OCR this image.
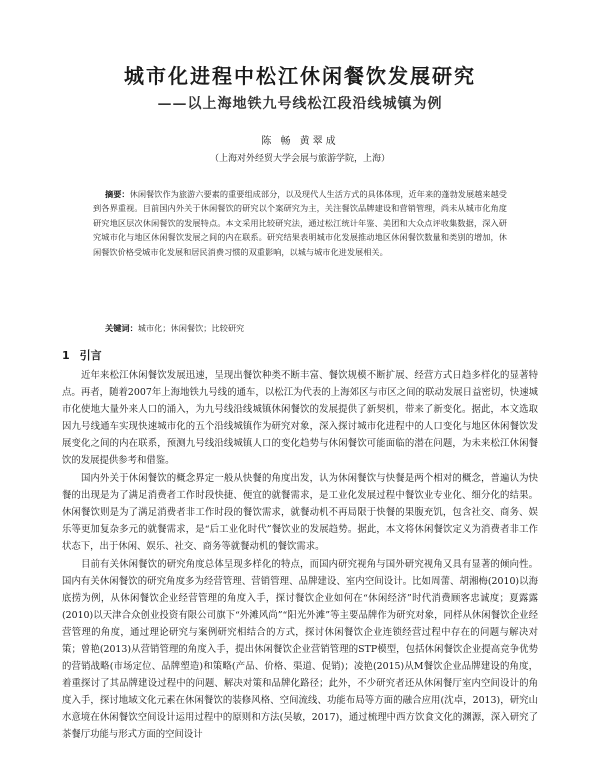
城市化进程中松江休闲餐饮发展研究
——以上海地铁九号线松江段沿线城镇为例
陈 畅 黄翠成
（上海对外经贸大学会展与旅游学院，上海）

摘要：休闲餐饮作为旅游六要素的重要组成部分，以及现代人生活方式的具体体现，近年来的蓬勃发展越来越受到各界重视。目前国内外关于休闲餐饮的研究以个案研究为主，关注餐饮品牌建设和营销管理，尚未从城市化角度研究地区层次休闲餐饮的发展特点。本文采用比较研究法，通过松江统计年鉴、美团和大众点评收集数据，深入研究城市化与地区休闲餐饮发展之间的内在联系。研究结果表明城市化发展推动地区休闲餐饮数量和类别的增加，休闲餐饮价格受城市化发展和居民消费习惯的双重影响，以城与城市化进发展相关。

关键词：城市化；休闲餐饮；比较研究

1 引言

近年来松江休闲餐饮发展迅速，呈现出餐饮种类不断丰富、餐饮规模不断扩展、经营方式日趋多样化的显著特点。再者，随着2007年上海地铁九号线的通车，以松江为代表的上海郊区与市区之间的联动发展日益密切，快速城市化使地大量外来人口的涌入，为九号线沿线城镇休闲餐饮的发展提供了新契机，带来了新变化。据此，本文选取因九号线通车实现快速城市化的五个沿线城镇作为研究对象，深入探讨城市化进程中的人口变化与地区休闲餐饮发展变化之间的内在联系，预测九号线沿线城镇人口的变化趋势与休闲餐饮可能面临的潜在问题，为未来松江休闲餐饮的发展提供参考和借鉴。

国内外关于休闲餐饮的概念界定一般从快餐的角度出发，认为休闲餐饮与快餐是两个相对的概念，普遍认为快餐的出现是为了满足消费者工作时段快捷、便宜的就餐需求，是工业化发展过程中餐饮业专业化、细分化的结果。休闲餐饮则是为了满足消费者非工作时段的餐饮需求，就餐动机不再局限于快餐的果腹充饥，包含社交、商务、娱乐等更加复杂多元的就餐需求，是“后工业化时代”餐饮业的发展趋势。据此，本文将休闲餐饮定义为消费者非工作状态下，出于休闲、娱乐、社交、商务等就餐动机的餐饮需求。

目前有关休闲餐饮的研究角度总体呈现多样化的特点，而国内研究视角与国外研究视角又具有显著的倾向性。国内有关休闲餐饮的研究角度多为经营管理、营销管理、品牌建设、室内空间设计。比如周蕾、胡湘梅(2010)以海底捞为例，从休闲餐饮企业经营管理的角度入手，探讨餐饮企业如何在“休闲经济”时代消费顾客忠诚度；夏露露(2010)以天津合众创业投资有限公司旗下“外滩风尚”“阳光外滩”等主要品牌作为研究对象，同样从休闲餐饮企业经营管理的角度，通过理论研究与案例研究相结合的方式，探讨休闲餐饮企业连锁经营过程中存在的问题与解决对策；曾艳(2013)从营销管理的角度入手，提出休闲餐饮企业营销管理的STP模型，包括休闲餐饮企业提高竞争优势的营销战略(市场定位、品牌塑造)和策略(产品、价格、渠道、促销)；凌艳(2015)从M餐饮企业品牌建设的角度，着重探讨了其品牌建设过程中的问题、解决对策和品牌化路径；此外，不少研究者还从休闲餐厅室内空间设计的角度入手，探讨地域文化元素在休闲餐饮的装修风格、空间流线、功能布局等方面的融合应用(沈卓，2013)，研究山水意境在休闲餐饮空间设计运用过程中的原则和方法(吴敏，2017)，通过梳理中西方饮食文化的渊源，深入研究了茶餐厅功能与形式方面的空间设计
